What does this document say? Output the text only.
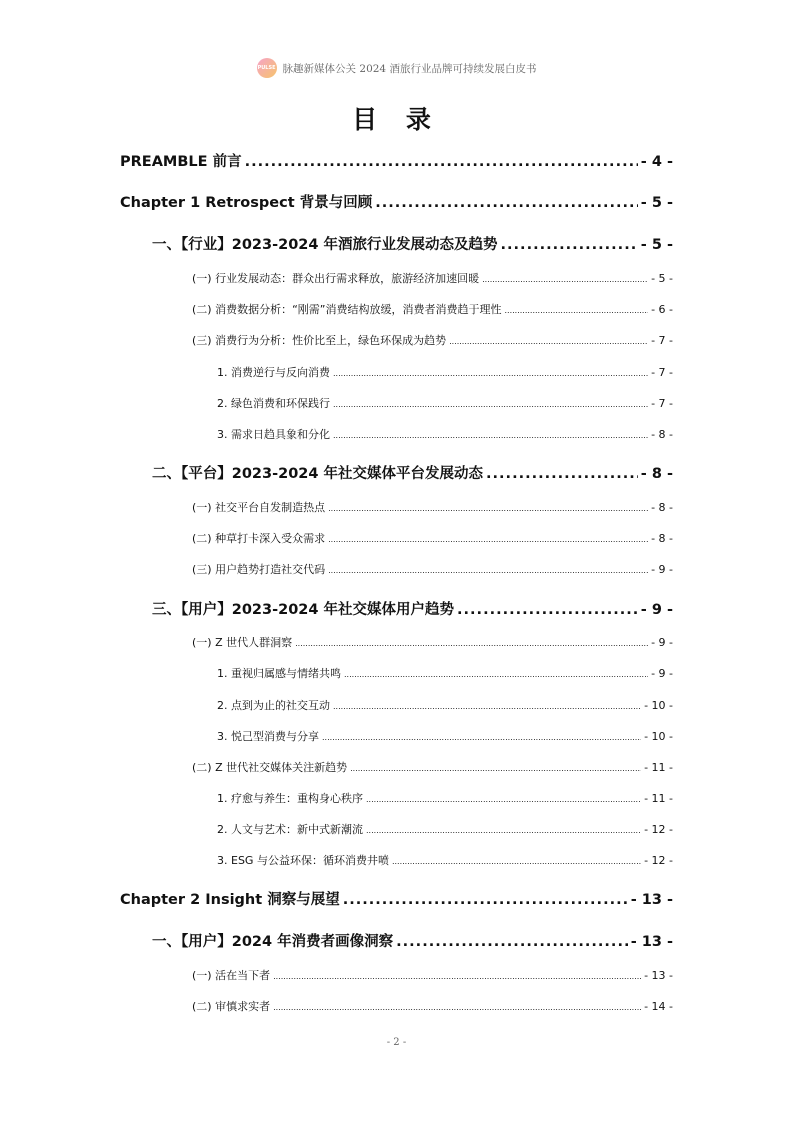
PULSE 脉趣新媒体公关 2024 酒旅行业品牌可持续发展白皮书
目 录
PREAMBLE 前言 .....	- 4 -
Chapter 1 Retrospect 背景与回顾 .....	- 5 -
一、【行业】2023-2024 年酒旅行业发展动态及趋势 .....	- 5 -
(一) 行业发展动态：群众出行需求释放，旅游经济加速回暖 .....	- 5 -
(二) 消费数据分析：“刚需”消费结构放缓，消费者消费趋于理性 .....	- 6 -
(三) 消费行为分析：性价比至上，绿色环保成为趋势 .....	- 7 -
1. 消费逆行与反向消费 .....	- 7 -
2. 绿色消费和环保践行 .....	- 7 -
3. 需求日趋具象和分化 .....	- 8 -
二、【平台】2023-2024 年社交媒体平台发展动态 .....	- 8 -
(一) 社交平台自发制造热点 .....	- 8 -
(二) 种草打卡深入受众需求 .....	- 8 -
(三) 用户趋势打造社交代码 .....	- 9 -
三、【用户】2023-2024 年社交媒体用户趋势 .....	- 9 -
(一) Z 世代人群洞察 .....	- 9 -
1. 重视归属感与情绪共鸣 .....	- 9 -
2. 点到为止的社交互动 .....	- 10 -
3. 悦己型消费与分享 .....	- 10 -
(二) Z 世代社交媒体关注新趋势 .....	- 11 -
1. 疗愈与养生：重构身心秩序 .....	- 11 -
2. 人文与艺术：新中式新潮流 .....	- 12 -
3. ESG 与公益环保：循环消费井喷 .....	- 12 -
Chapter 2 Insight 洞察与展望 .....	- 13 -
一、【用户】2024 年消费者画像洞察 .....	- 13 -
(一) 活在当下者 .....	- 13 -
(二) 审慎求实者 .....	- 14 -
- 2 -
